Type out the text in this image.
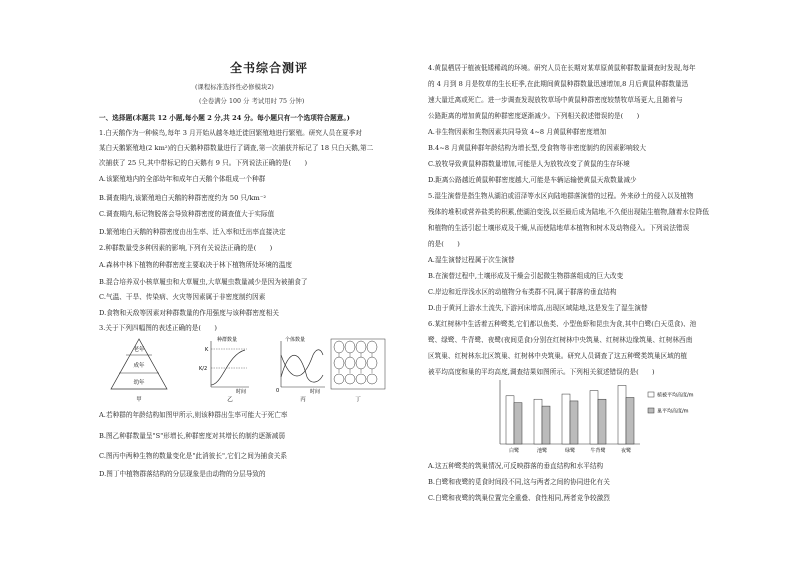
全书综合测评
(课程标准选择性必修模块2)
(全卷满分 100 分 考试用时 75 分钟)
一、选择题(本题共 12 小题,每小题 2 分,共 24 分。每小题只有一个选项符合题意。)
1.白天鹅作为一种候鸟,每年 3 月开始从越冬地迁徙回繁殖地进行繁殖。研究人员在夏季对
某白天鹅繁殖地(2 km²)的白天鹅种群数量进行了调查,第一次捕获并标记了 18 只白天鹅,第二
次捕获了 25 只,其中带标记的白天鹅有 9 只。下列说法正确的是(　　)
A.该繁殖地内的全部幼年和成年白天鹅个体组成一个种群
B.调查期内,该繁殖地白天鹅的种群密度约为 50 只/km⁻²
C.调查期内,标记物脱落会导致种群密度的调查值大于实际值
D.繁殖地白天鹅的种群密度由出生率、迁入率和迁出率直接决定
2.种群数量受多种因素的影响,下列有关说法正确的是(　　)
A.森林中林下植物的种群密度主要取决于林下植物所处环境的温度
B.混合培养双小核草履虫和大草履虫,大草履虫数量减少是因为被捕食了
C.气温、干旱、传染病、火灾等因素属于非密度制约因素
D.食物和天敌等因素对种群数量的作用强度与该种群密度相关
3.关于下列四幅图的表述正确的是(　　)
老年
成年
幼年
甲
种群数量
K
K/2
时间
乙
个体数量
0	时间
丙	丁
A.若种群的年龄结构如图甲所示,则该种群出生率可能大于死亡率
B.图乙种群数量呈"S"形增长,种群密度对其增长的制约逐渐减弱
C.图丙中两种生物的数量变化是"此消彼长",它们之间为捕食关系
D.图丁中植物群落结构的分层现象是由动物的分层导致的
4.黄鼠栖居于植被低矮稀疏的环境。研究人员在长期对某草原黄鼠种群数量调查时发现,每年
的 4 月到 8 月是牧草的生长旺季,在此期间黄鼠种群数量迅速增加,8 月后黄鼠种群数量迅
速大量迁离或死亡。进一步调查发现放牧草场中黄鼠种群密度较禁牧草场更大,且随着与
公路距离的增加黄鼠的种群密度逐渐减少。下列相关叙述错误的是(　　)
A.非生物因素和生物因素共同导致 4~8 月黄鼠种群密度增加
B.4~8 月黄鼠种群年龄结构为增长型,受食物等非密度制约的因素影响较大
C.放牧导致黄鼠种群数量增加,可能是人为放牧改变了黄鼠的生存环境
D.距离公路越近黄鼠种群密度越大,可能是车辆运输使黄鼠天敌数量减少
5.湿生演替是指生物从湖泊或沼泽等水区向陆地群落演替的过程。外来砂土的侵入以及植物
残体的堆积或营养盐类的积累,使湖泊变浅,以至最后成为陆地,不久便出现陆生植物,随着水位降低
和植物的生活引起土壤形成及干燥,从而使陆地草本植物和树木及动物侵入。下列说法错误
的是(　　)
A.湿生演替过程属于次生演替
B.在演替过程中,土壤形成及干燥会引起微生物群落组成的巨大改变
C.岸边和近岸浅水区的动植物分布类群不同,属于群落的垂直结构
D.由于黄河上游水土流失,下游河床增高,出现区域陆地,这是发生了湿生演替
6.某红树林中生活着五种鹭类,它们都以鱼类、小型鱼虾和昆虫为食,其中白鹭(白天觅食)、池
鹭、绿鹭、牛背鹭、夜鹭(夜间觅食)分别在红树林中央筑巢、红树林边缘筑巢、红树林西南
区筑巢、红树林东北区筑巢、红树林中央筑巢。研究人员调查了这五种鹭类筑巢区域的植
被平均高度和巢的平均高度,调查结果如图所示。下列相关叙述错误的是(　　)
白鹭	池鹭	绿鹭	牛背鹭	夜鹭
植被平均高度/m
巢平均高度/m
A.这五种鹭类的筑巢情况,可反映群落的垂直结构和水平结构
B.白鹭和夜鹭的觅食时间段不同,这与两者之间的协同进化有关
C.白鹭和夜鹭的筑巢位置完全重叠、食性相同,两者竞争较激烈
